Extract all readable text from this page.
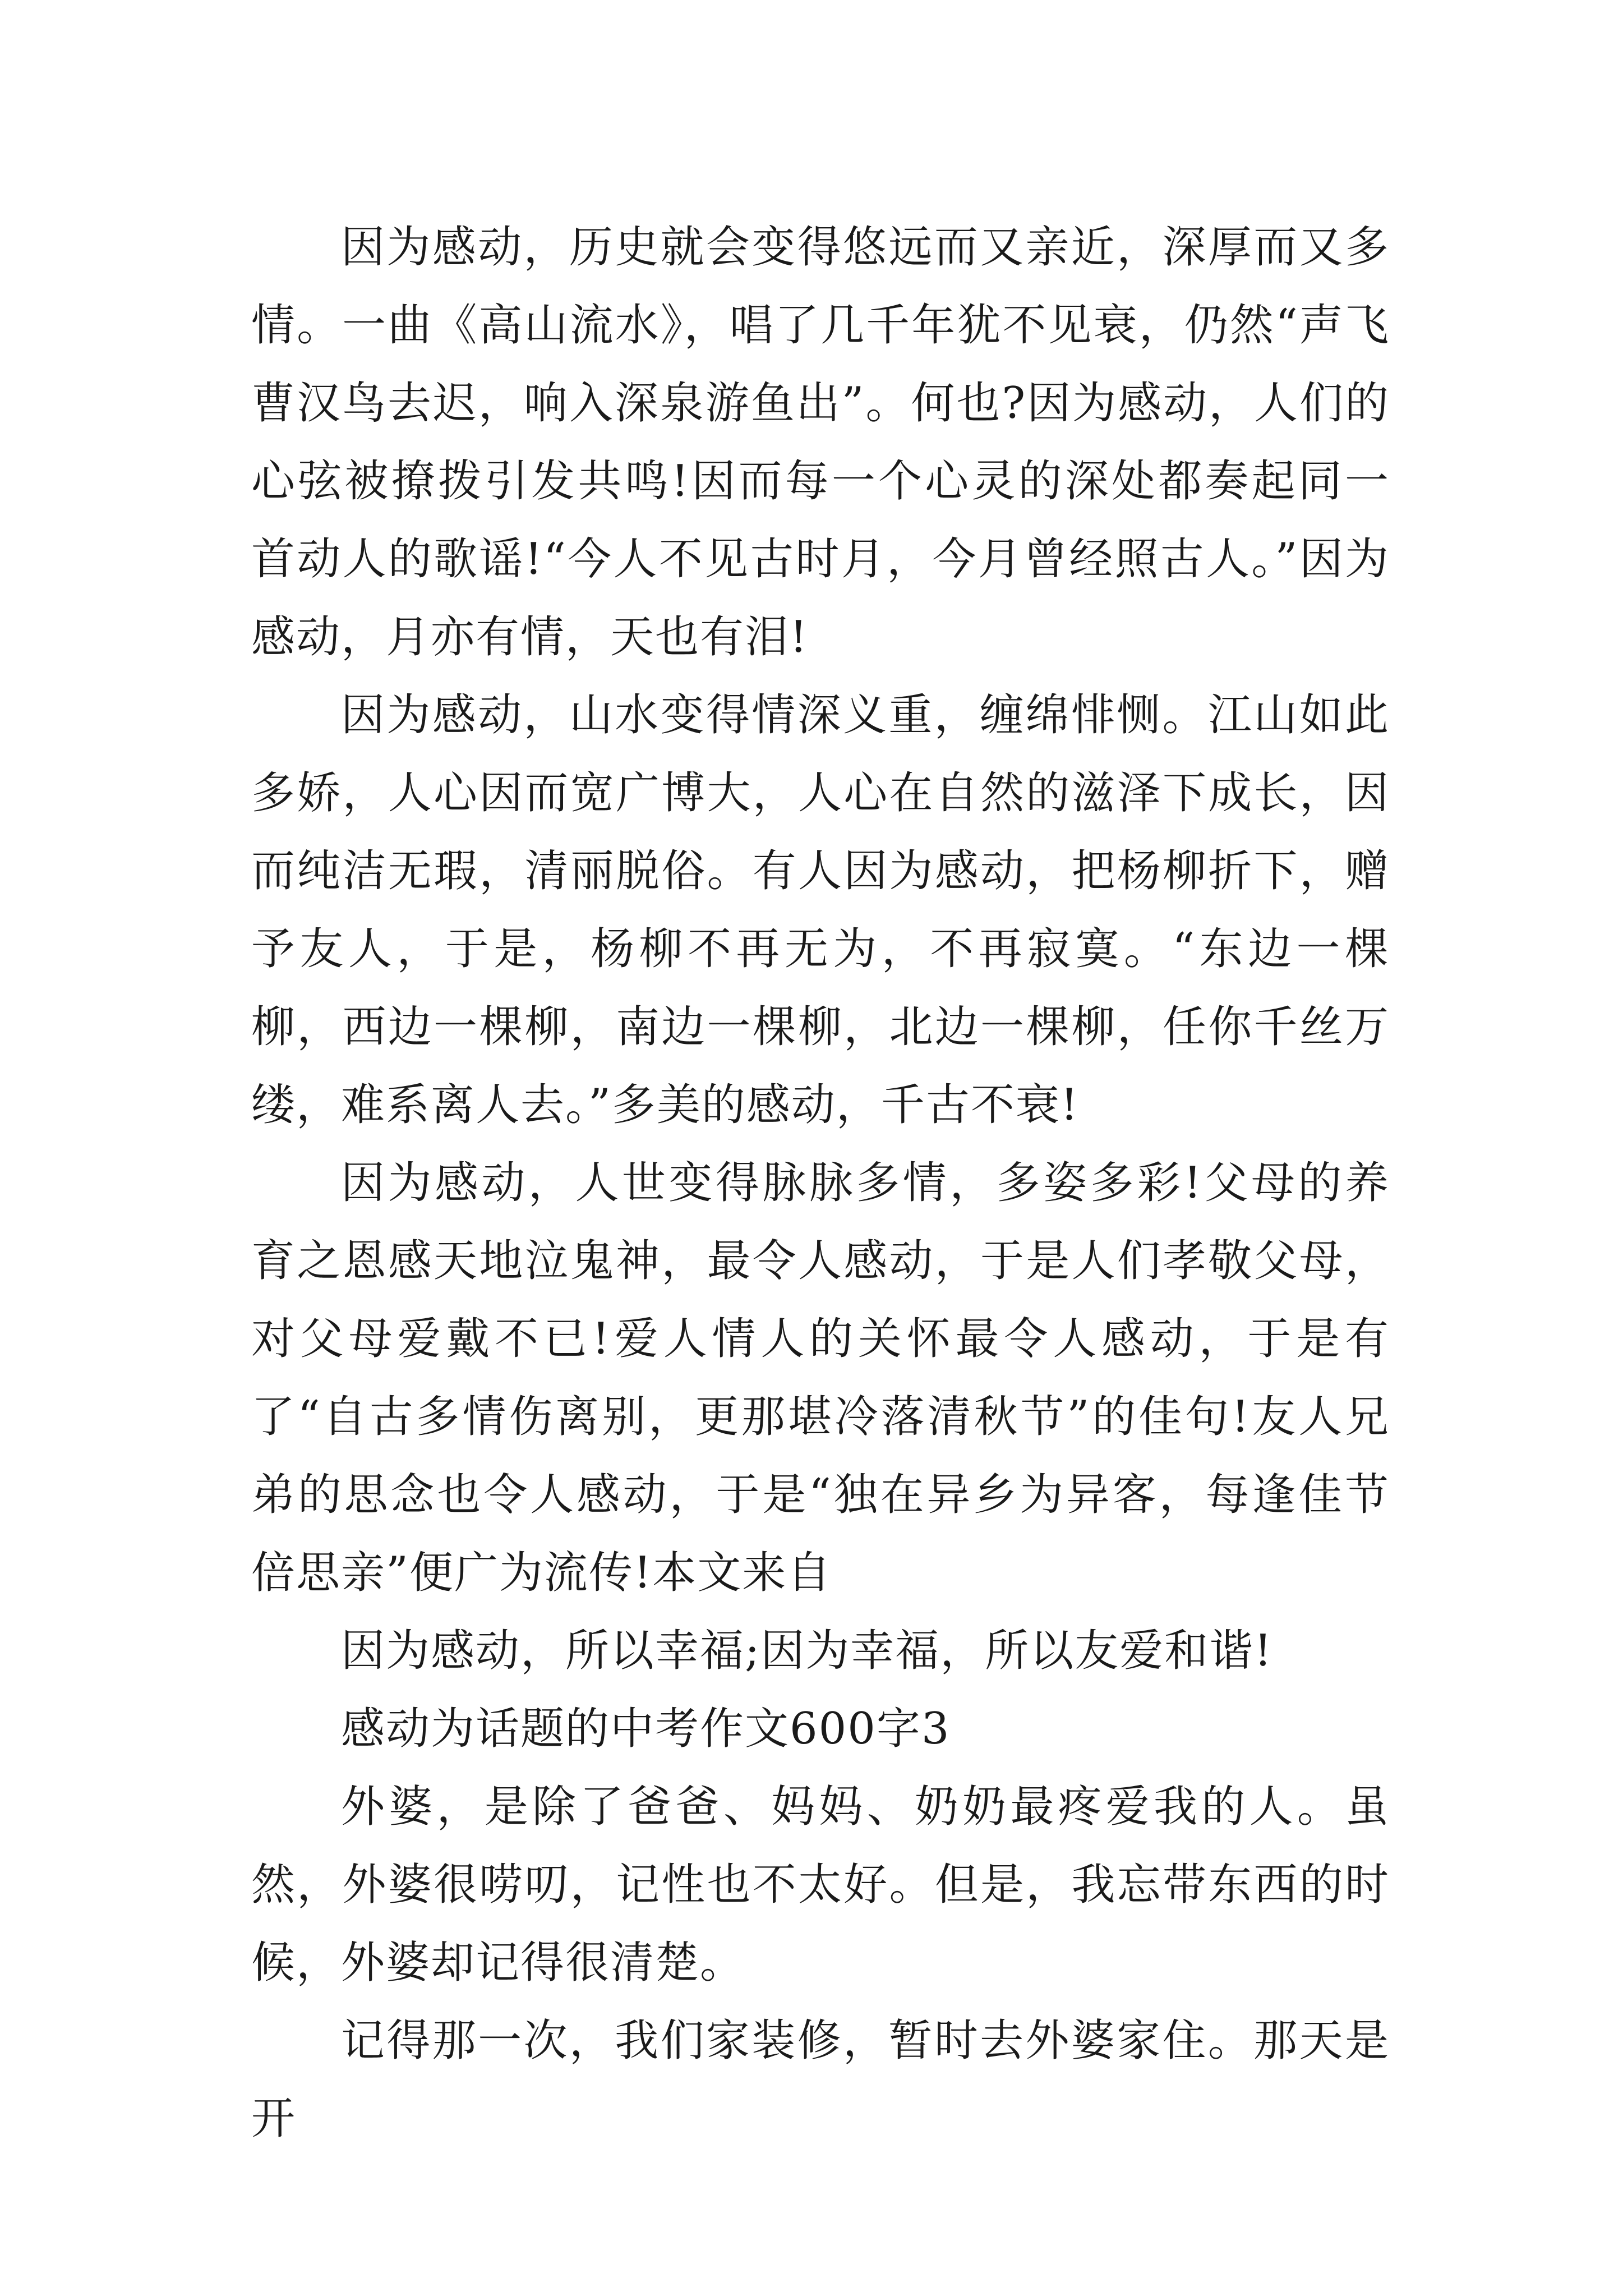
因为感动，历史就会变得悠远而又亲近，深厚而又多情。一曲《高山流水》，唱了几千年犹不见衰，仍然“声飞曹汉鸟去迟，响入深泉游鱼出”。何也?因为感动，人们的心弦被撩拨引发共鸣!因而每一个心灵的深处都奏起同一首动人的歌谣!“今人不见古时月，今月曾经照古人。”因为感动，月亦有情，天也有泪!

因为感动，山水变得情深义重，缠绵悱恻。江山如此多娇，人心因而宽广博大，人心在自然的滋泽下成长，因而纯洁无瑕，清丽脱俗。有人因为感动，把杨柳折下，赠予友人，于是，杨柳不再无为，不再寂寞。“东边一棵柳，西边一棵柳，南边一棵柳，北边一棵柳，任你千丝万缕，难系离人去。”多美的感动，千古不衰!

因为感动，人世变得脉脉多情，多姿多彩!父母的养育之恩感天地泣鬼神，最令人感动，于是人们孝敬父母，对父母爱戴不已!爱人情人的关怀最令人感动，于是有了“自古多情伤离别，更那堪冷落清秋节”的佳句!友人兄弟的思念也令人感动，于是“独在异乡为异客，每逢佳节倍思亲”便广为流传!本文来自

因为感动，所以幸福;因为幸福，所以友爱和谐!

感动为话题的中考作文600字3

外婆，是除了爸爸、妈妈、奶奶最疼爱我的人。虽然，外婆很唠叨，记性也不太好。但是，我忘带东西的时候，外婆却记得很清楚。

记得那一次，我们家装修，暂时去外婆家住。那天是开
